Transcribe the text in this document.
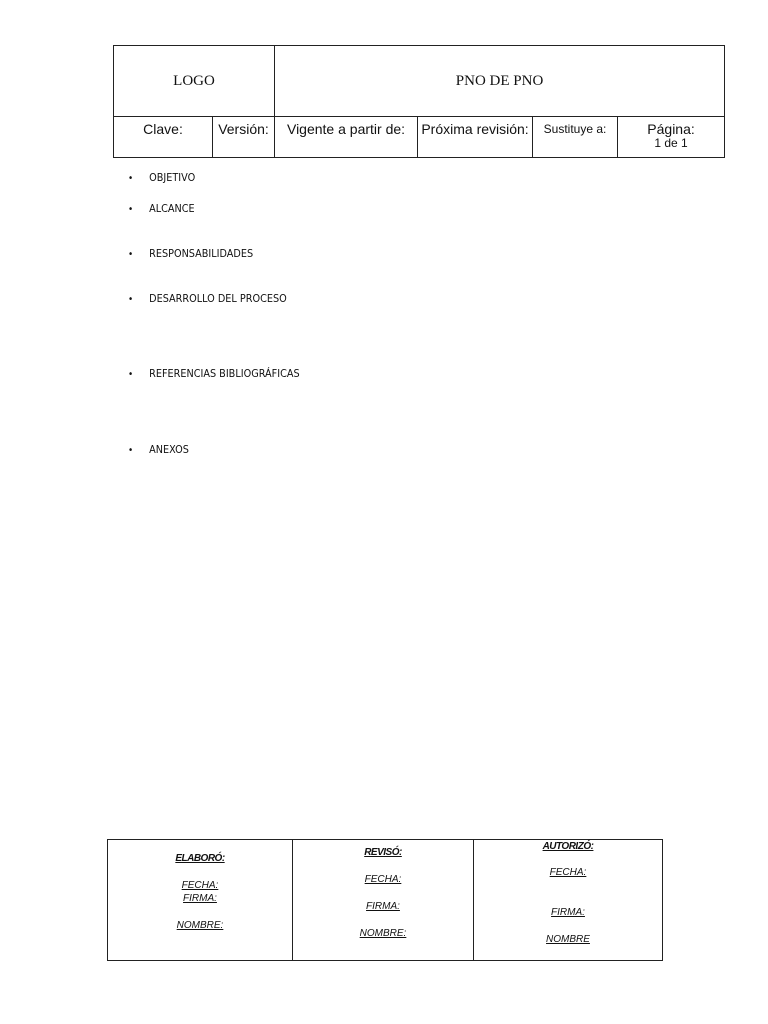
LOGO		PNO DE PNO			
Clave:	Versión:	Vigente a partir de:	Próxima revisión:	Sustituye a:	Página:
1 de 1
• OBJETIVO
• ALCANCE
• RESPONSABILIDADES
• DESARROLLO DEL PROCESO
• REFERENCIAS BIBLIOGRÁFICAS
• ANEXOS
ELABORÓ:
FECHA:
FIRMA:
NOMBRE:

REVISÓ:
FECHA:
FIRMA:
NOMBRE:

AUTORIZÓ:
FECHA:
FIRMA:
NOMBRE
